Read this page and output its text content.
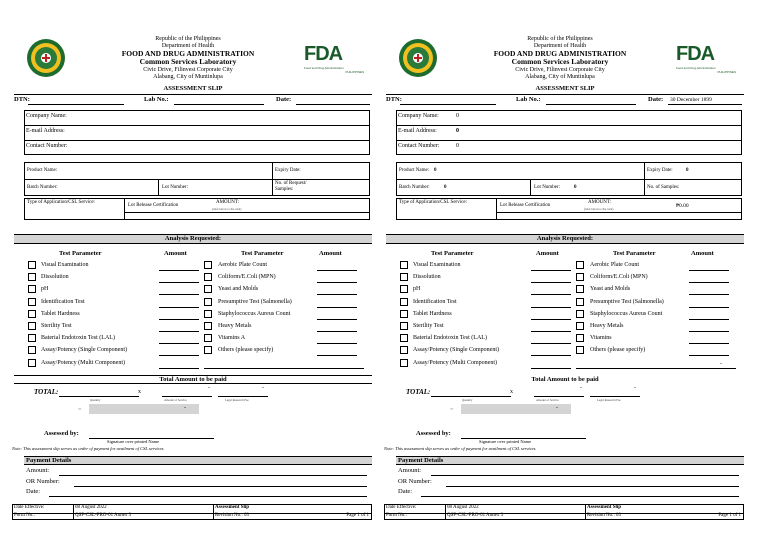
Republic of the Philippines
Department of Health
FOOD AND DRUG ADMINISTRATION
Common Services Laboratory
Civic Drive, Filinvest Corporate City
Alabang, City of Muntinlupa
FDA
Food and Drug Administration
PHILIPPINES
ASSESSMENT SLIP
DTN:	Lab No.:	Date:
Company Name:
E-mail Address:
Contact Number:
Product Name:	Expiry Date:
Batch Number:	Lot Number:
No. of Request/
Samples:
Type of Application/CSL Service:
Lot Release Certification
AMOUNT:
(refer below to the total)
Analysis Requested:
Test Parameter	Amount	Test Parameter	Amount
Visual Examination
Dissolution
pH
Identification Test
Tablet Hardness
Sterility Test
Baterial Endotoxin Test (LAL)
Assay/Potency (Single Component)
Assay/Potency (Multi Component)
Aerobic Plate Count
Coliform/E.Coli (MPN)
Yeast and Molds
Presumptive Test (Salmonella)
Staphylococcus Aureus Count
Heavy Metals
Vitamins A
Others (please specify)
Total Amount to be paid
TOTAL:	x
-	-
Quantity	Amount of Service	Legal Research Fee
=	-
Assessed by:
Signature over printed Name
Note: This assessment slip serves as order of payment for availment of CSL services.
Payment Details
Amount:
OR Number:
Date:
Date Effective:	08 August 2022	Assessment Slip
Form No.:	QSP-CSL-PRO-01 Annex 3	Revision No.: 03	Page 1 of 1
Republic of the Philippines
Department of Health
FOOD AND DRUG ADMINISTRATION
Common Services Laboratory
Civic Drive, Filinvest Corporate City
Alabang, City of Muntinlupa
FDA
Food and Drug Administration
PHILIPPINES
ASSESSMENT SLIP
DTN:	Lab No.:	Date: 30 December 1899
Company Name:	0
E-mail Address:	0
Contact Number:	0
Product Name: 0	Expiry Date:	0
Batch Number:	0	Lot Number:	0	No. of Samples:
Type of Application/CSL Service:
Lot Release Certification
AMOUNT:
(refer below to the total)	₱0.00
Analysis Requested:
Test Parameter	Amount	Test Parameter	Amount
Visual Examination
Dissolution
pH
Identification Test
Tablet Hardness
Sterility Test
Baterial Endotoxin Test (LAL)
Assay/Potency (Single Component)
Assay/Potency (Multi Component)
Aerobic Plate Count
Coliform/E.Coli (MPN)
Yeast and Molds
Presumptive Test (Salmonella)
Staphylococcus Aureus Count
Heavy Metals
Vitamins
Others (please specify)
-
Total Amount to be paid
TOTAL:	x
-	-
Quantity	Amount of Service	Legal Research Fee
=	-
Assessed by:
Signature over printed Name
Note: This assessment slip serves as order of payment for availment of CSL services.
Payment Details
Amount:
OR Number:
Date:
Date Effective:	08 August 2022	Assessment Slip
Form No.:	QSP-CSL-PRO-01 Annex 3	Revision No.: 03	Page 1 of 1
